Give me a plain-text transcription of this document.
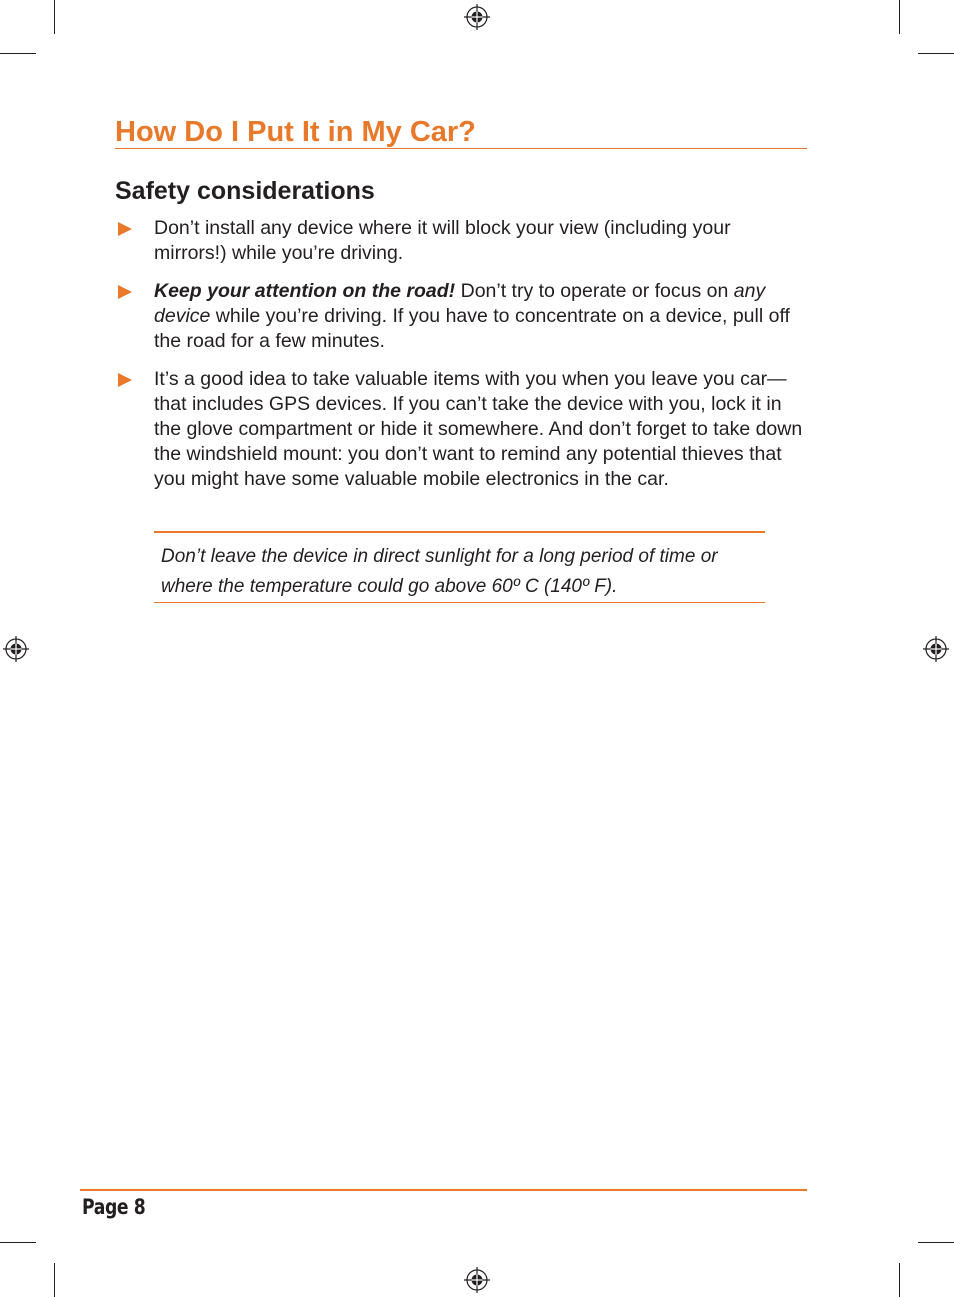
How Do I Put It in My Car?
Safety considerations
Don’t install any device where it will block your view (including your mirrors!) while you’re driving.
Keep your attention on the road! Don’t try to operate or focus on any device while you’re driving. If you have to concentrate on a device, pull off the road for a few minutes.
It’s a good idea to take valuable items with you when you leave you car—that includes GPS devices. If you can’t take the device with you, lock it in the glove compartment or hide it somewhere. And don’t forget to take down the windshield mount: you don’t want to remind any potential thieves that you might have some valuable mobile electronics in the car.
Don’t leave the device in direct sunlight for a long period of time or where the temperature could go above 60º C (140º F).
Page 8
